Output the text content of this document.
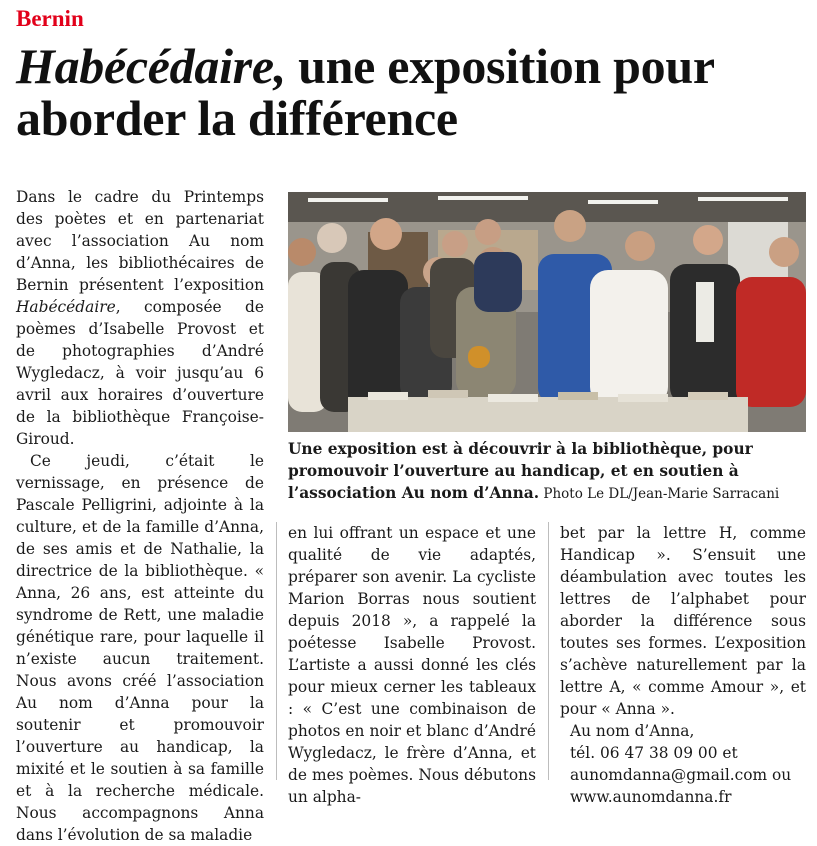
Bernin
Habécédaire, une exposition pour aborder la différence

Dans le cadre du Printemps des poètes et en partenariat avec l’association Au nom d’Anna, les bibliothécaires de Bernin présentent l’exposition Habécédaire, composée de poèmes d’Isabelle Provost et de photographies d’André Wygledacz, à voir jusqu’au 6 avril aux horaires d’ouverture de la bibliothèque Françoise-Giroud.

Ce jeudi, c’était le vernissage, en présence de Pascale Pelligrini, adjointe à la culture, et de la famille d’Anna, de ses amis et de Nathalie, la directrice de la bibliothèque. « Anna, 26 ans, est atteinte du syndrome de Rett, une maladie génétique rare, pour laquelle il n’existe aucun traitement. Nous avons créé l’association Au nom d’Anna pour la soutenir et promouvoir l’ouverture au handicap, la mixité et le soutien à sa famille et à la recherche médicale. Nous accompagnons Anna dans l’évolution de sa maladie

Une exposition est à découvrir à la bibliothèque, pour promouvoir l’ouverture au handicap, et en soutien à l’association Au nom d’Anna. Photo Le DL/Jean-Marie Sarracani

en lui offrant un espace et une qualité de vie adaptés, préparer son avenir. La cycliste Marion Borras nous soutient depuis 2018 », a rappelé la poétesse Isabelle Provost. L’artiste a aussi donné les clés pour mieux cerner les tableaux : « C’est une combinaison de photos en noir et blanc d’André Wygledacz, le frère d’Anna, et de mes poèmes. Nous débutons un alpha-

bet par la lettre H, comme Handicap ». S’ensuit une déambulation avec toutes les lettres de l’alphabet pour aborder la différence sous toutes ses formes. L’exposition s’achève naturellement par la lettre A, « comme Amour », et pour « Anna ».

Au nom d’Anna,

tél. 06 47 38 09 00 et

aunomdanna@gmail.com ou

www.aunomdanna.fr
